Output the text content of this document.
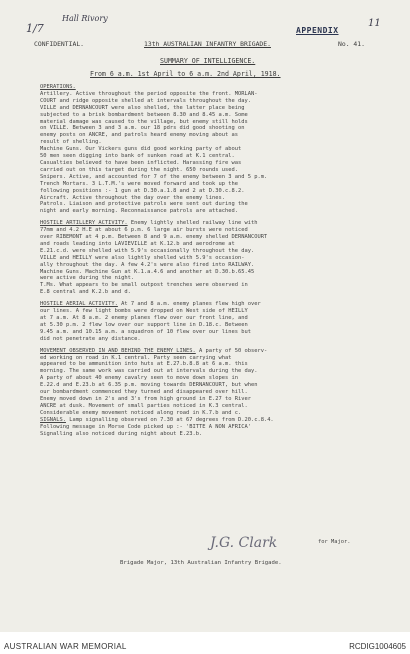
1/7
Hall Rivory	11
APPENDIX
CONFIDENTIAL.	13th AUSTRALIAN INFANTRY BRIGADE.	No. 41.
SUMMARY OF INTELLIGENCE.
From 6 a.m. 1st April to 6 a.m. 2nd April, 1918.
OPERATIONS.
Artillery. Active throughout the period opposite the front. MORLAN-
COURT and ridge opposite shelled at intervals throughout the day.
VILLE and DERNANCOURT were also shelled, the latter place being
subjected to a brisk bombardment between 8.30 and 8.45 a.m. Some
material damage was caused to the village, but enemy still holds
on VILLE. Between 3 and 3 a.m. our 18 pdrs did good shooting on
enemy posts on ANCRE, and patrols heard enemy moving about as
result of shelling.
Machine Guns. Our Vickers guns did good working party of about
50 men seen digging into bank of sunken road at K.1 central.
Casualties believed to have been inflicted. Harassing fire was
carried out on this target during the night. 650 rounds used.
Snipers. Active, and accounted for 7 of the enemy between 3 and 5 p.m.
Trench Mortars. 3 L.T.M.'s were moved forward and took up the
following positions :- 1 gun at D.30.a.1.8 and 2 at D.30.c.8.2.
Aircraft. Active throughout the day over the enemy lines.
Patrols. Liaison and protective patrols were sent out during the
night and early morning. Reconnaissance patrols are attached.
HOSTILE ARTILLERY ACTIVITY. Enemy lightly shelled railway line with
77mm and 4.2 H.E at about 6 p.m. 6 large air bursts were noticed
over RIBEMONT at 4 p.m. Between 8 and 9 a.m. enemy shelled DERNANCOURT
and roads leading into LAVIEVILLE at K.12.b and aerodrome at
E.21.c.d. were shelled with 5.9's occasionally throughout the day.
VILLE and HEILLY were also lightly shelled with 5.9's occasion-
ally throughout the day. A few 4.2's were also fired into RAILWAY.
Machine Guns. Machine Gun at K.1.a.4.6 and another at D.30.b.65.45
were active during the night.
T.Ms. What appears to be small outpost trenches were observed in
E.8 central and K.2.b and d.
HOSTILE AERIAL ACTIVITY. At 7 and 8 a.m. enemy planes flew high over
our lines. A few light bombs were dropped on West side of HEILLY
at 7 a.m. At 8 a.m. 2 enemy planes flew over our front line, and
at 5.30 p.m. 2 flew low over our support line in D.18.c. Between
9.45 a.m. and 10.15 a.m. a squadron of 10 flew over our lines but
did not penetrate any distance.
MOVEMENT OBSERVED IN AND BEHIND THE ENEMY LINES. A party of 50 observ-
ed working on road in K.1 central. Party seen carrying what
appeared to be ammunition into huts at E.27.b.8.8 at 6 a.m. this
morning. The same work was carried out at intervals during the day.
A party of about 40 enemy cavalry seen to move down slopes in
E.22.d and E.23.b at 6.35 p.m. moving towards DERNANCOURT, but when
our bombardment commenced they turned and disappeared over hill.
Enemy moved down in 2's and 3's from high ground in E.27 to River
ANCRE at dusk. Movement of small parties noticed in K.3 central.
Considerable enemy movement noticed along road in K.7.b and c.
SIGNALS. Lamp signalling observed on 7.30 at 67 degrees from D.20.c.8.4.
Following message in Morse Code picked up :- 'BITTE A NON AFRICA'
Signalling also noticed during night about E.23.b.
J.G. Clark	for Major.
Brigade Major, 13th Australian Infantry Brigade.
AUSTRALIAN WAR MEMORIAL	RCDIG1004605
